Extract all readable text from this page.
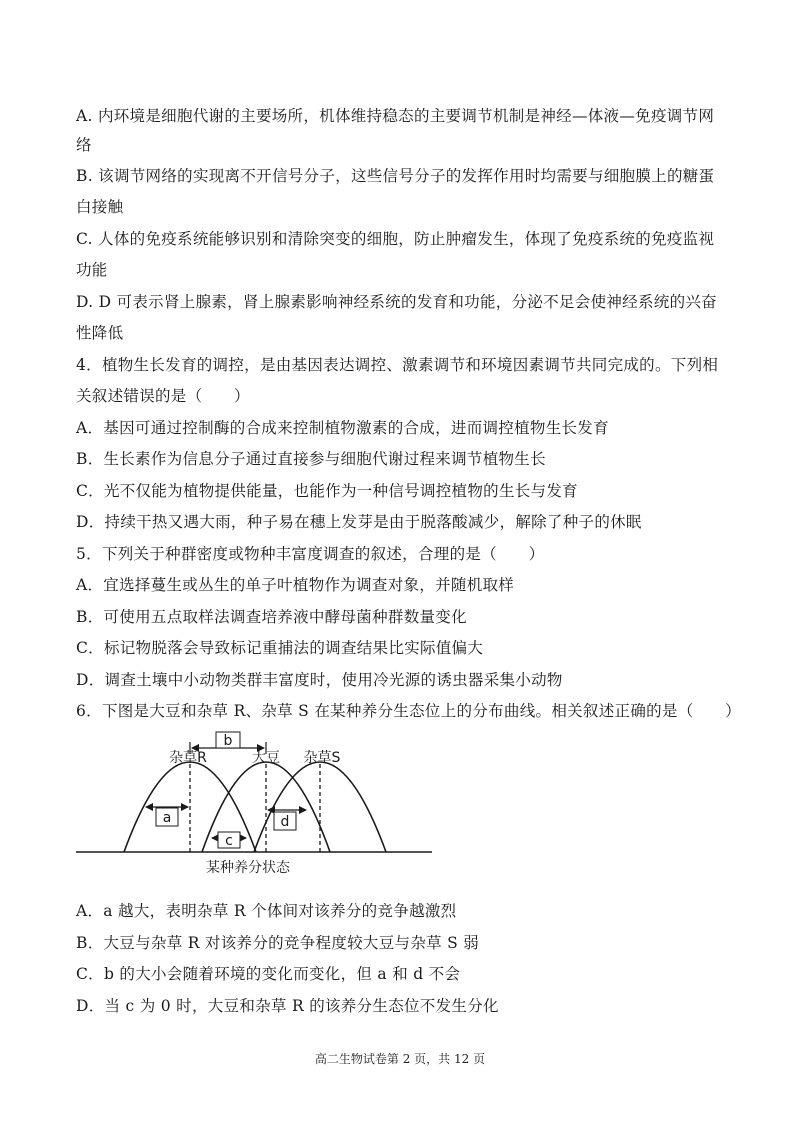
A. 内环境是细胞代谢的主要场所，机体维持稳态的主要调节机制是神经—体液—免疫调节网
络
B. 该调节网络的实现离不开信号分子，这些信号分子的发挥作用时均需要与细胞膜上的糖蛋
白接触
C. 人体的免疫系统能够识别和清除突变的细胞，防止肿瘤发生，体现了免疫系统的免疫监视
功能
D. D 可表示肾上腺素，肾上腺素影响神经系统的发育和功能，分泌不足会使神经系统的兴奋
性降低
4．植物生长发育的调控，是由基因表达调控、激素调节和环境因素调节共同完成的。下列相
关叙述错误的是（　　）
A．基因可通过控制酶的合成来控制植物激素的合成，进而调控植物生长发育
B．生长素作为信息分子通过直接参与细胞代谢过程来调节植物生长
C．光不仅能为植物提供能量，也能作为一种信号调控植物的生长与发育
D．持续干热又遇大雨，种子易在穗上发芽是由于脱落酸减少，解除了种子的休眠
5．下列关于种群密度或物种丰富度调查的叙述，合理的是（　　）
A．宜选择蔓生或丛生的单子叶植物作为调查对象，并随机取样
B．可使用五点取样法调查培养液中酵母菌种群数量变化
C．标记物脱落会导致标记重捕法的调查结果比实际值偏大
D．调查土壤中小动物类群丰富度时，使用冷光源的诱虫器采集小动物
6．下图是大豆和杂草 R、杂草 S 在某种养分生态位上的分布曲线。相关叙述正确的是（　　）
a
b
c
d
杂草R	大豆 杂草S
某种养分状态
A．a 越大，表明杂草 R 个体间对该养分的竞争越激烈
B．大豆与杂草 R 对该养分的竞争程度较大豆与杂草 S 弱
C．b 的大小会随着环境的变化而变化，但 a 和 d 不会
D．当 c 为 0 时，大豆和杂草 R 的该养分生态位不发生分化
高二生物试卷第 2 页，共 12 页
